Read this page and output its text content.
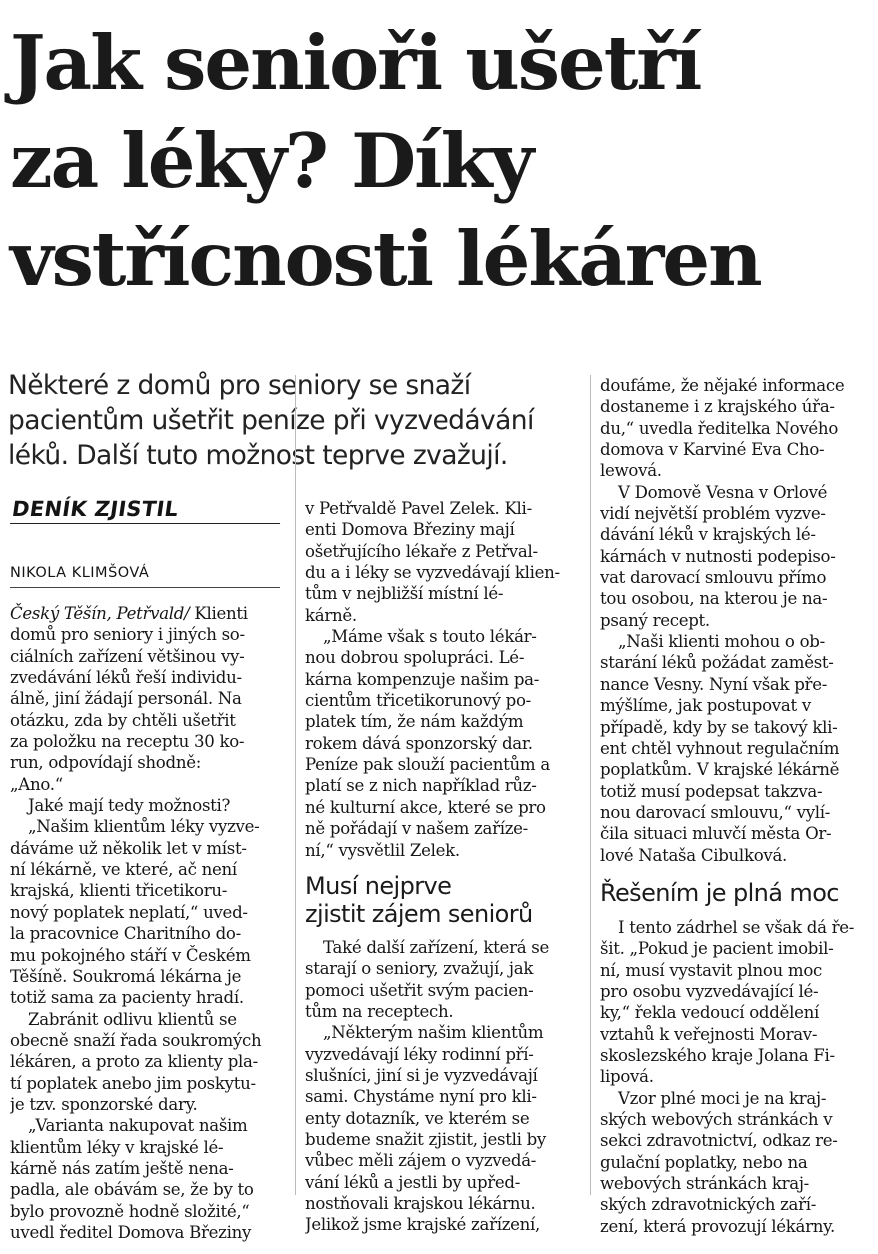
Jak senioři ušetří
za léky? Díky
vstřícnosti lékáren
Některé z domů pro seniory se snaží
pacientům ušetřit peníze při vyzvedávání
léků. Další tuto možnost teprve zvažují.
DENÍK ZJISTIL
NIKOLA KLIMŠOVÁ
Český Těšín, Petřvald/ Klienti
domů pro seniory i jiných so-
ciálních zařízení většinou vy-
zvedávání léků řeší individu-
álně, jiní žádají personál. Na
otázku, zda by chtěli ušetřit
za položku na receptu 30 ko-
run, odpovídají shodně:
„Ano.“
Jaké mají tedy možnosti?
„Našim klientům léky vyzve-
dáváme už několik let v míst-
ní lékárně, ve které, ač není
krajská, klienti třicetikoru-
nový poplatek neplatí,“ uved-
la pracovnice Charitního do-
mu pokojného stáří v Českém
Těšíně. Soukromá lékárna je
totiž sama za pacienty hradí.
Zabránit odlivu klientů se
obecně snaží řada soukromých
lékáren, a proto za klienty pla-
tí poplatek anebo jim poskytu-
je tzv. sponzorské dary.
„Varianta nakupovat našim
klientům léky v krajské lé-
kárně nás zatím ještě nena-
padla, ale obávám se, že by to
bylo provozně hodně složité,“
uvedl ředitel Domova Březiny
v Petřvaldě Pavel Zelek. Kli-
enti Domova Březiny mají
ošetřujícího lékaře z Petřval-
du a i léky se vyzvedávají klien-
tům v nejbližší místní lé-
kárně.
„Máme však s touto lékár-
nou dobrou spolupráci. Lé-
kárna kompenzuje našim pa-
cientům třicetikorunový po-
platek tím, že nám každým
rokem dává sponzorský dar.
Peníze pak slouží pacientům a
platí se z nich například růz-
né kulturní akce, které se pro
ně pořádají v našem zaříze-
ní,“ vysvětlil Zelek.
Musí nejprve
zjistit zájem seniorů
Také další zařízení, která se
starají o seniory, zvažují, jak
pomoci ušetřit svým pacien-
tům na receptech.
„Některým našim klientům
vyzvedávají léky rodinní pří-
slušníci, jiní si je vyzvedávají
sami. Chystáme nyní pro kli-
enty dotazník, ve kterém se
budeme snažit zjistit, jestli by
vůbec měli zájem o vyzvedá-
vání léků a jestli by upřed-
nostňovali krajskou lékárnu.
Jelikož jsme krajské zařízení,
doufáme, že nějaké informace
dostaneme i z krajského úřa-
du,“ uvedla ředitelka Nového
domova v Karviné Eva Cho-
lewová.
V Domově Vesna v Orlové
vidí největší problém vyzve-
dávání léků v krajských lé-
kárnách v nutnosti podepiso-
vat darovací smlouvu přímo
tou osobou, na kterou je na-
psaný recept.
„Naši klienti mohou o ob-
starání léků požádat zaměst-
nance Vesny. Nyní však pře-
mýšlíme, jak postupovat v
případě, kdy by se takový kli-
ent chtěl vyhnout regulačním
poplatkům. V krajské lékárně
totiž musí podepsat takzva-
nou darovací smlouvu,“ vylí-
čila situaci mluvčí města Or-
lové Nataša Cibulková.
Řešením je plná moc
I tento zádrhel se však dá ře-
šit. „Pokud je pacient imobil-
ní, musí vystavit plnou moc
pro osobu vyzvedávající lé-
ky,“ řekla vedoucí oddělení
vztahů k veřejnosti Morav-
skoslezského kraje Jolana Fi-
lipová.
Vzor plné moci je na kraj-
ských webových stránkách v
sekci zdravotnictví, odkaz re-
gulační poplatky, nebo na
webových stránkách kraj-
ských zdravotnických zaří-
zení, která provozují lékárny.
